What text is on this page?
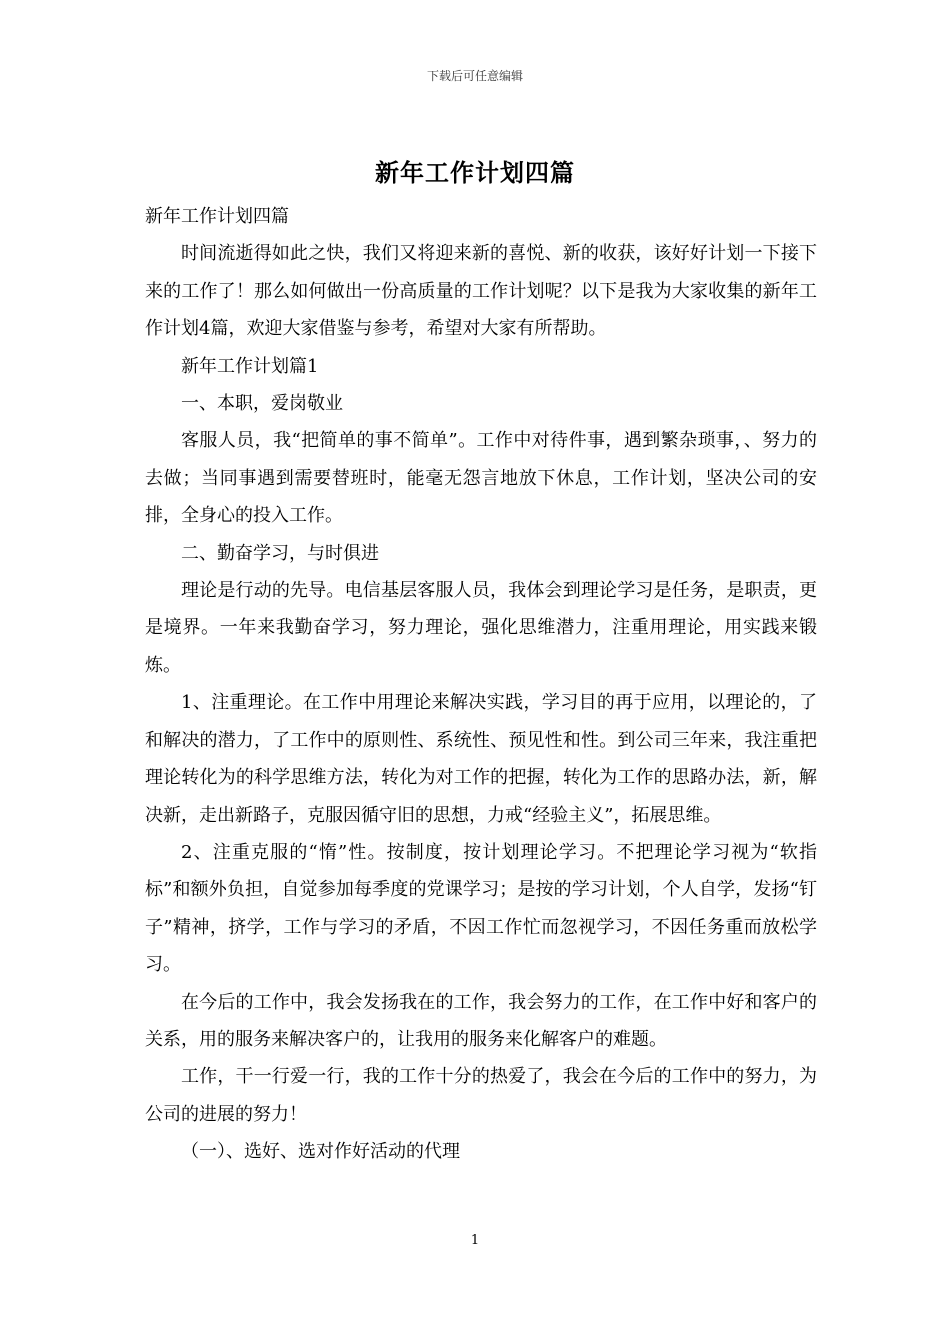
下载后可任意编辑
新年工作计划四篇

新年工作计划四篇

时间流逝得如此之快，我们又将迎来新的喜悦、新的收获，该好好计划一下接下来的工作了！那么如何做出一份高质量的工作计划呢？以下是我为大家收集的新年工作计划4篇，欢迎大家借鉴与参考，希望对大家有所帮助。

新年工作计划篇1

一、本职，爱岗敬业

客服人员，我“把简单的事不简单”。工作中对待件事，遇到繁杂琐事，、努力的去做；当同事遇到需要替班时，能毫无怨言地放下休息，工作计划，坚决公司的安排，全身心的投入工作。

二、勤奋学习，与时俱进

理论是行动的先导。电信基层客服人员，我体会到理论学习是任务，是职责，更是境界。一年来我勤奋学习，努力理论，强化思维潜力，注重用理论，用实践来锻炼。

1、注重理论。在工作中用理论来解决实践，学习目的再于应用，以理论的，了和解决的潜力，了工作中的原则性、系统性、预见性和性。到公司三年来，我注重把理论转化为的科学思维方法，转化为对工作的把握，转化为工作的思路办法，新，解决新，走出新路子，克服因循守旧的思想，力戒“经验主义”，拓展思维。

2、注重克服的“惰”性。按制度，按计划理论学习。不把理论学习视为“软指标”和额外负担，自觉参加每季度的党课学习；是按的学习计划，个人自学，发扬“钉子”精神，挤学，工作与学习的矛盾，不因工作忙而忽视学习，不因任务重而放松学习。

在今后的工作中，我会发扬我在的工作，我会努力的工作，在工作中好和客户的关系，用的服务来解决客户的，让我用的服务来化解客户的难题。

工作，干一行爱一行，我的工作十分的热爱了，我会在今后的工作中的努力，为公司的进展的努力！

（一）、选好、选对作好活动的代理

1
